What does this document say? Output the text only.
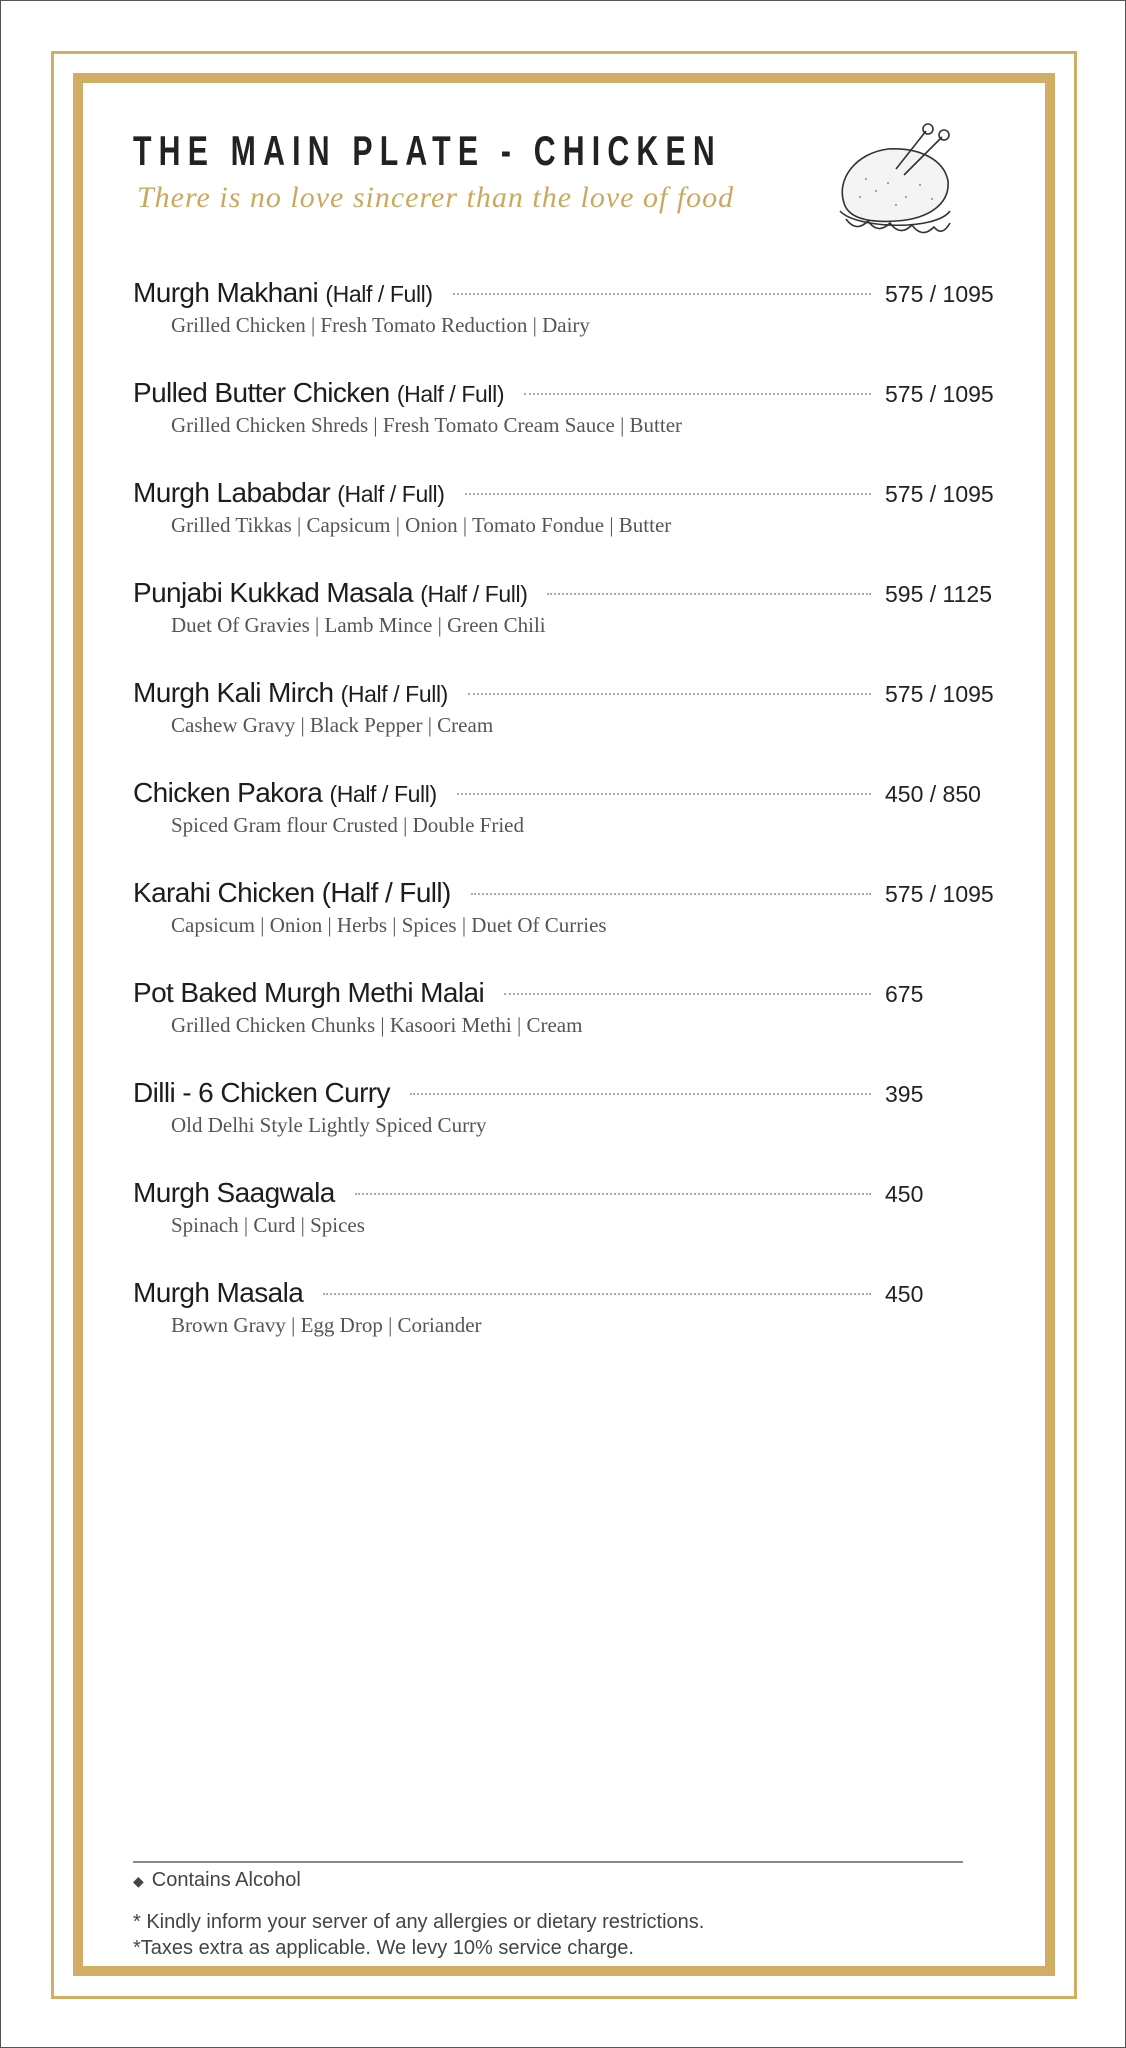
THE MAIN PLATE - CHICKEN
There is no love sincerer than the love of food
Murgh Makhani (Half / Full)	575 / 1095
Grilled Chicken | Fresh Tomato Reduction | Dairy
Pulled Butter Chicken (Half / Full)	575 / 1095
Grilled Chicken Shreds | Fresh Tomato Cream Sauce | Butter
Murgh Lababdar (Half / Full)	575 / 1095
Grilled Tikkas | Capsicum | Onion | Tomato Fondue | Butter
Punjabi Kukkad Masala (Half / Full)	595 / 1125
Duet Of Gravies | Lamb Mince | Green Chili
Murgh Kali Mirch (Half / Full)	575 / 1095
Cashew Gravy | Black Pepper | Cream
Chicken Pakora (Half / Full)	450 / 850
Spiced Gram flour Crusted | Double Fried
Karahi Chicken (Half / Full)	575 / 1095
Capsicum | Onion | Herbs | Spices | Duet Of Curries
Pot Baked Murgh Methi Malai	675
Grilled Chicken Chunks | Kasoori Methi | Cream
Dilli - 6 Chicken Curry	395
Old Delhi Style Lightly Spiced Curry
Murgh Saagwala	450
Spinach | Curd | Spices
Murgh Masala	450
Brown Gravy | Egg Drop | Coriander
◆ Contains Alcohol
* Kindly inform your server of any allergies or dietary restrictions.
*Taxes extra as applicable. We levy 10% service charge.
